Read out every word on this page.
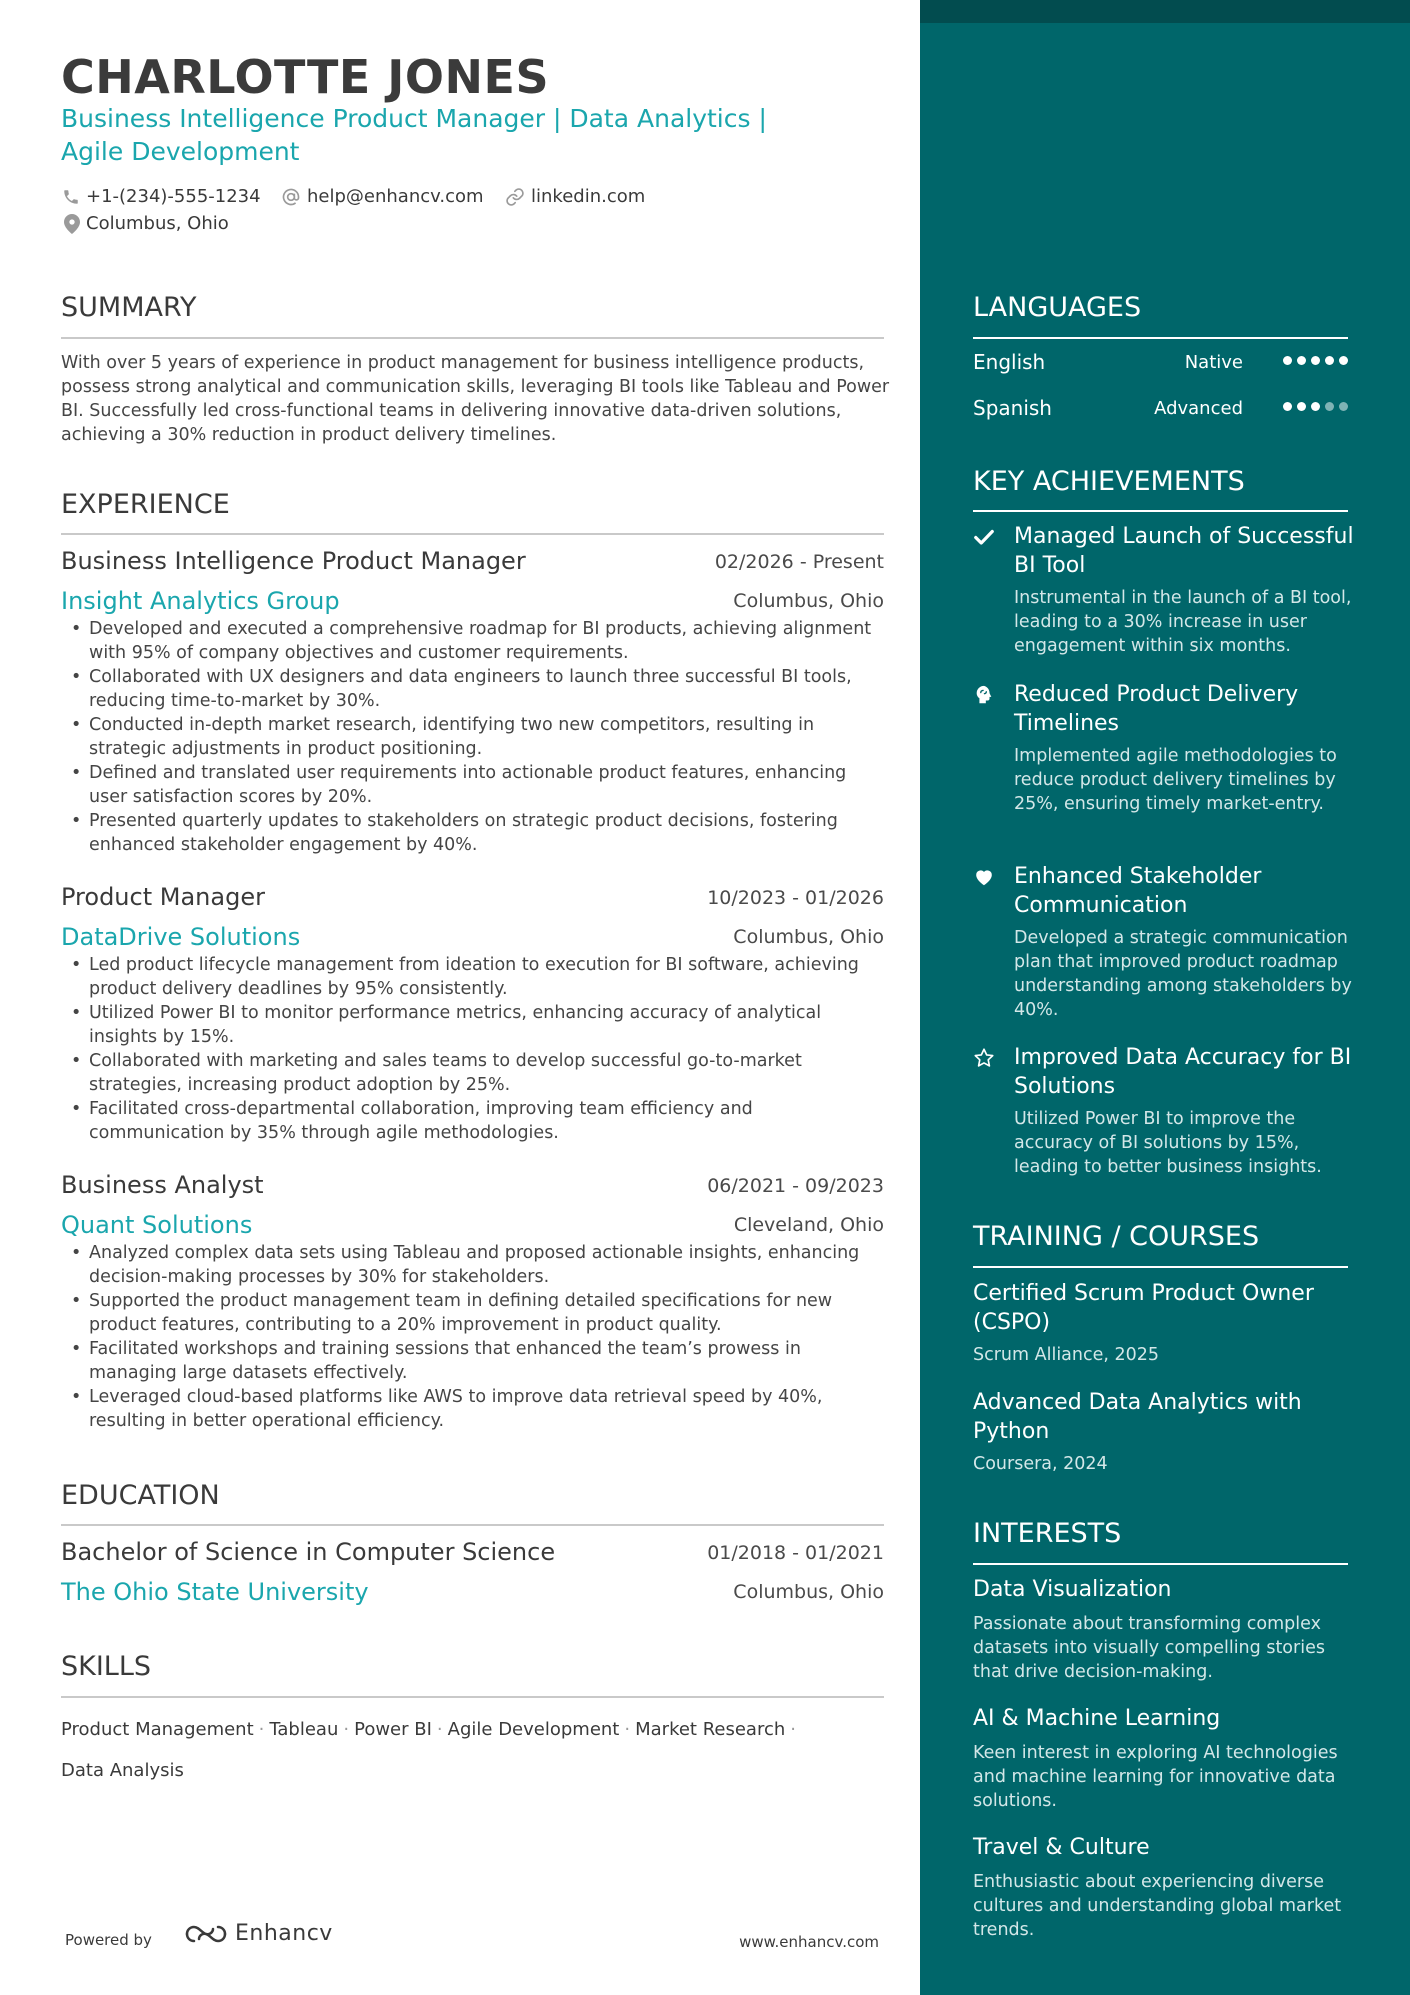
CHARLOTTE JONES
Business Intelligence Product Manager | Data Analytics |
Agile Development
+1-(234)-555-1234	help@enhancv.com	linkedin.com
Columbus, Ohio
SUMMARY

With over 5 years of experience in product management for business intelligence products, possess strong analytical and communication skills, leveraging BI tools like Tableau and Power BI. Successfully led cross-functional teams in delivering innovative data-driven solutions, achieving a 30% reduction in product delivery timelines.

EXPERIENCE
Business Intelligence Product Manager	02/2026 - Present
Insight Analytics Group	Columbus, Ohio
• Developed and executed a comprehensive roadmap for BI products, achieving alignment with 95% of company objectives and customer requirements.
• Collaborated with UX designers and data engineers to launch three successful BI tools, reducing time-to-market by 30%.
• Conducted in-depth market research, identifying two new competitors, resulting in strategic adjustments in product positioning.
• Defined and translated user requirements into actionable product features, enhancing user satisfaction scores by 20%.
• Presented quarterly updates to stakeholders on strategic product decisions, fostering enhanced stakeholder engagement by 40%.
Product Manager	10/2023 - 01/2026
DataDrive Solutions	Columbus, Ohio
• Led product lifecycle management from ideation to execution for BI software, achieving product delivery deadlines by 95% consistently.
• Utilized Power BI to monitor performance metrics, enhancing accuracy of analytical insights by 15%.
• Collaborated with marketing and sales teams to develop successful go-to-market strategies, increasing product adoption by 25%.
• Facilitated cross-departmental collaboration, improving team efficiency and communication by 35% through agile methodologies.
Business Analyst	06/2021 - 09/2023
Quant Solutions	Cleveland, Ohio
• Analyzed complex data sets using Tableau and proposed actionable insights, enhancing decision-making processes by 30% for stakeholders.
• Supported the product management team in defining detailed specifications for new product features, contributing to a 20% improvement in product quality.
• Facilitated workshops and training sessions that enhanced the team’s prowess in managing large datasets effectively.
• Leveraged cloud-based platforms like AWS to improve data retrieval speed by 40%, resulting in better operational efficiency.
EDUCATION
Bachelor of Science in Computer Science	01/2018 - 01/2021
The Ohio State University	Columbus, Ohio
SKILLS

Product Management · Tableau · Power BI · Agile Development · Market Research ·
Data Analysis

Powered by	Enhancv	www.enhancv.com
LANGUAGES
English	Native
Spanish	Advanced
KEY ACHIEVEMENTS
Managed Launch of Successful BI Tool
Instrumental in the launch of a BI tool, leading to a 30% increase in user engagement within six months.
Reduced Product Delivery Timelines
Implemented agile methodologies to reduce product delivery timelines by 25%, ensuring timely market-entry.
Enhanced Stakeholder Communication
Developed a strategic communication plan that improved product roadmap understanding among stakeholders by 40%.
Improved Data Accuracy for BI Solutions
Utilized Power BI to improve the accuracy of BI solutions by 15%, leading to better business insights.
TRAINING / COURSES
Certified Scrum Product Owner (CSPO)
Scrum Alliance, 2025
Advanced Data Analytics with Python
Coursera, 2024
INTERESTS
Data Visualization
Passionate about transforming complex datasets into visually compelling stories that drive decision-making.
AI & Machine Learning
Keen interest in exploring AI technologies and machine learning for innovative data solutions.
Travel & Culture
Enthusiastic about experiencing diverse cultures and understanding global market trends.
